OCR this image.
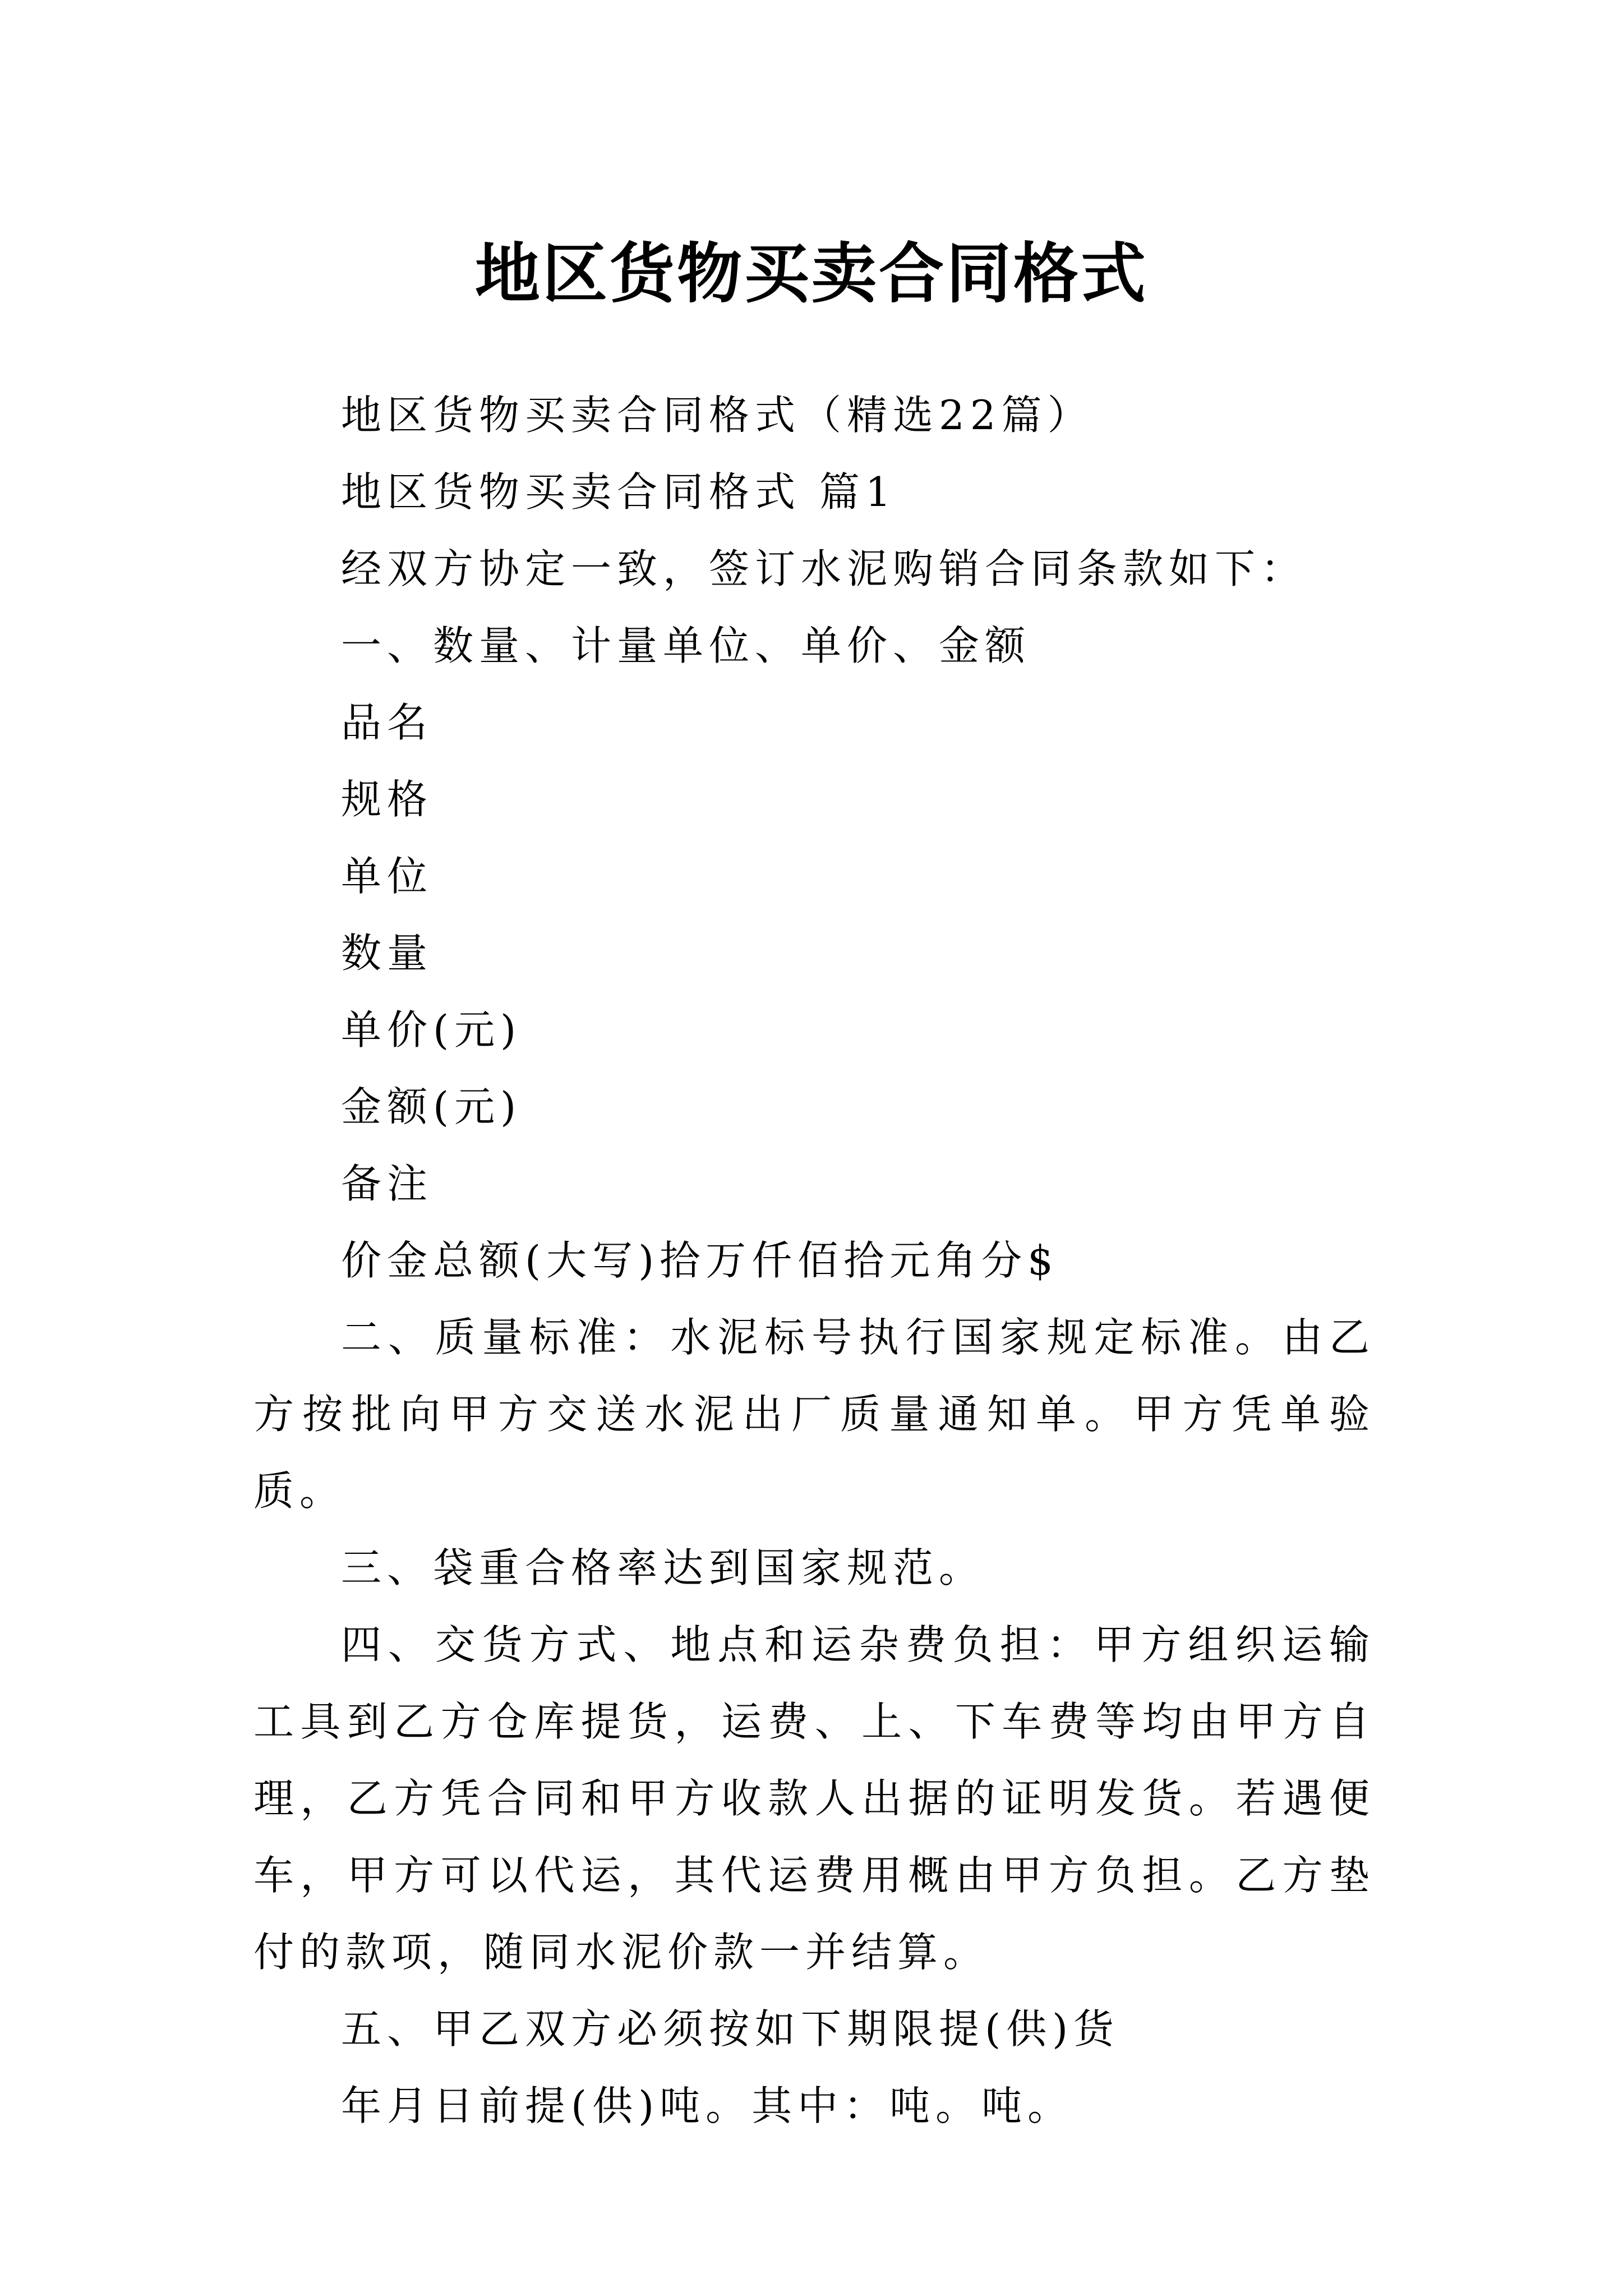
地区货物买卖合同格式

地区货物买卖合同格式（精选22篇）

地区货物买卖合同格式 篇1

经双方协定一致，签订水泥购销合同条款如下：

一、数量、计量单位、单价、金额

品名

规格

单位

数量

单价(元)

金额(元)

备注

价金总额(大写)拾万仟佰拾元角分$

二、质量标准：水泥标号执行国家规定标准。由乙方按批向甲方交送水泥出厂质量通知单。甲方凭单验质。

三、袋重合格率达到国家规范。

四、交货方式、地点和运杂费负担：甲方组织运输工具到乙方仓库提货，运费、上、下车费等均由甲方自理，乙方凭合同和甲方收款人出据的证明发货。若遇便车，甲方可以代运，其代运费用概由甲方负担。乙方垫付的款项，随同水泥价款一并结算。

五、甲乙双方必须按如下期限提(供)货

年月日前提(供)吨。其中：吨。吨。
